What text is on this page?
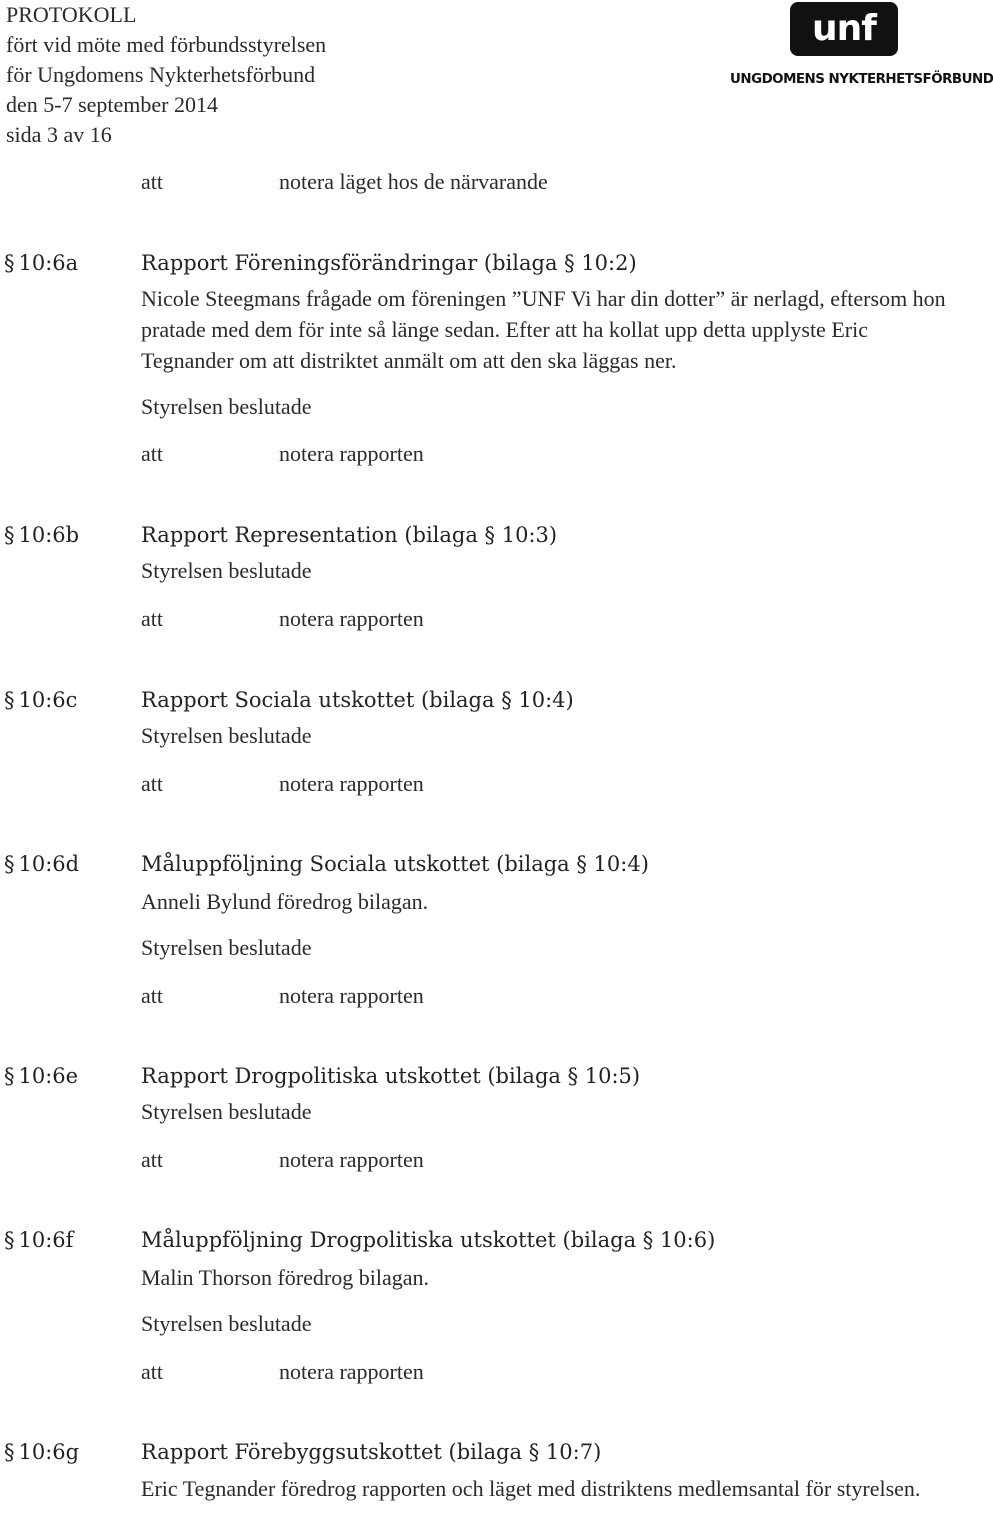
PROTOKOLL
fört vid möte med förbundsstyrelsen
för Ungdomens Nykterhetsförbund
den 5-7 september 2014
sida 3 av 16
unf
UNGDOMENS NYKTERHETSFÖRBUND
att	notera läget hos de närvarande
§ 10:6a	Rapport Föreningsförändringar (bilaga § 10:2)
Nicole Steegmans frågade om föreningen ”UNF Vi har din dotter” är nerlagd, eftersom hon pratade med dem för inte så länge sedan. Efter att ha kollat upp detta upplyste Eric Tegnander om att distriktet anmält om att den ska läggas ner.
Styrelsen beslutade
att	notera rapporten
§ 10:6b	Rapport Representation (bilaga § 10:3)
Styrelsen beslutade
att	notera rapporten
§ 10:6c	Rapport Sociala utskottet (bilaga § 10:4)
Styrelsen beslutade
att	notera rapporten
§ 10:6d	Måluppföljning Sociala utskottet (bilaga § 10:4)
Anneli Bylund föredrog bilagan.
Styrelsen beslutade
att	notera rapporten
§ 10:6e	Rapport Drogpolitiska utskottet (bilaga § 10:5)
Styrelsen beslutade
att	notera rapporten
§ 10:6f	Måluppföljning Drogpolitiska utskottet (bilaga § 10:6)
Malin Thorson föredrog bilagan.
Styrelsen beslutade
att	notera rapporten
§ 10:6g	Rapport Förebyggsutskottet (bilaga § 10:7)
Eric Tegnander föredrog rapporten och läget med distriktens medlemsantal för styrelsen.
